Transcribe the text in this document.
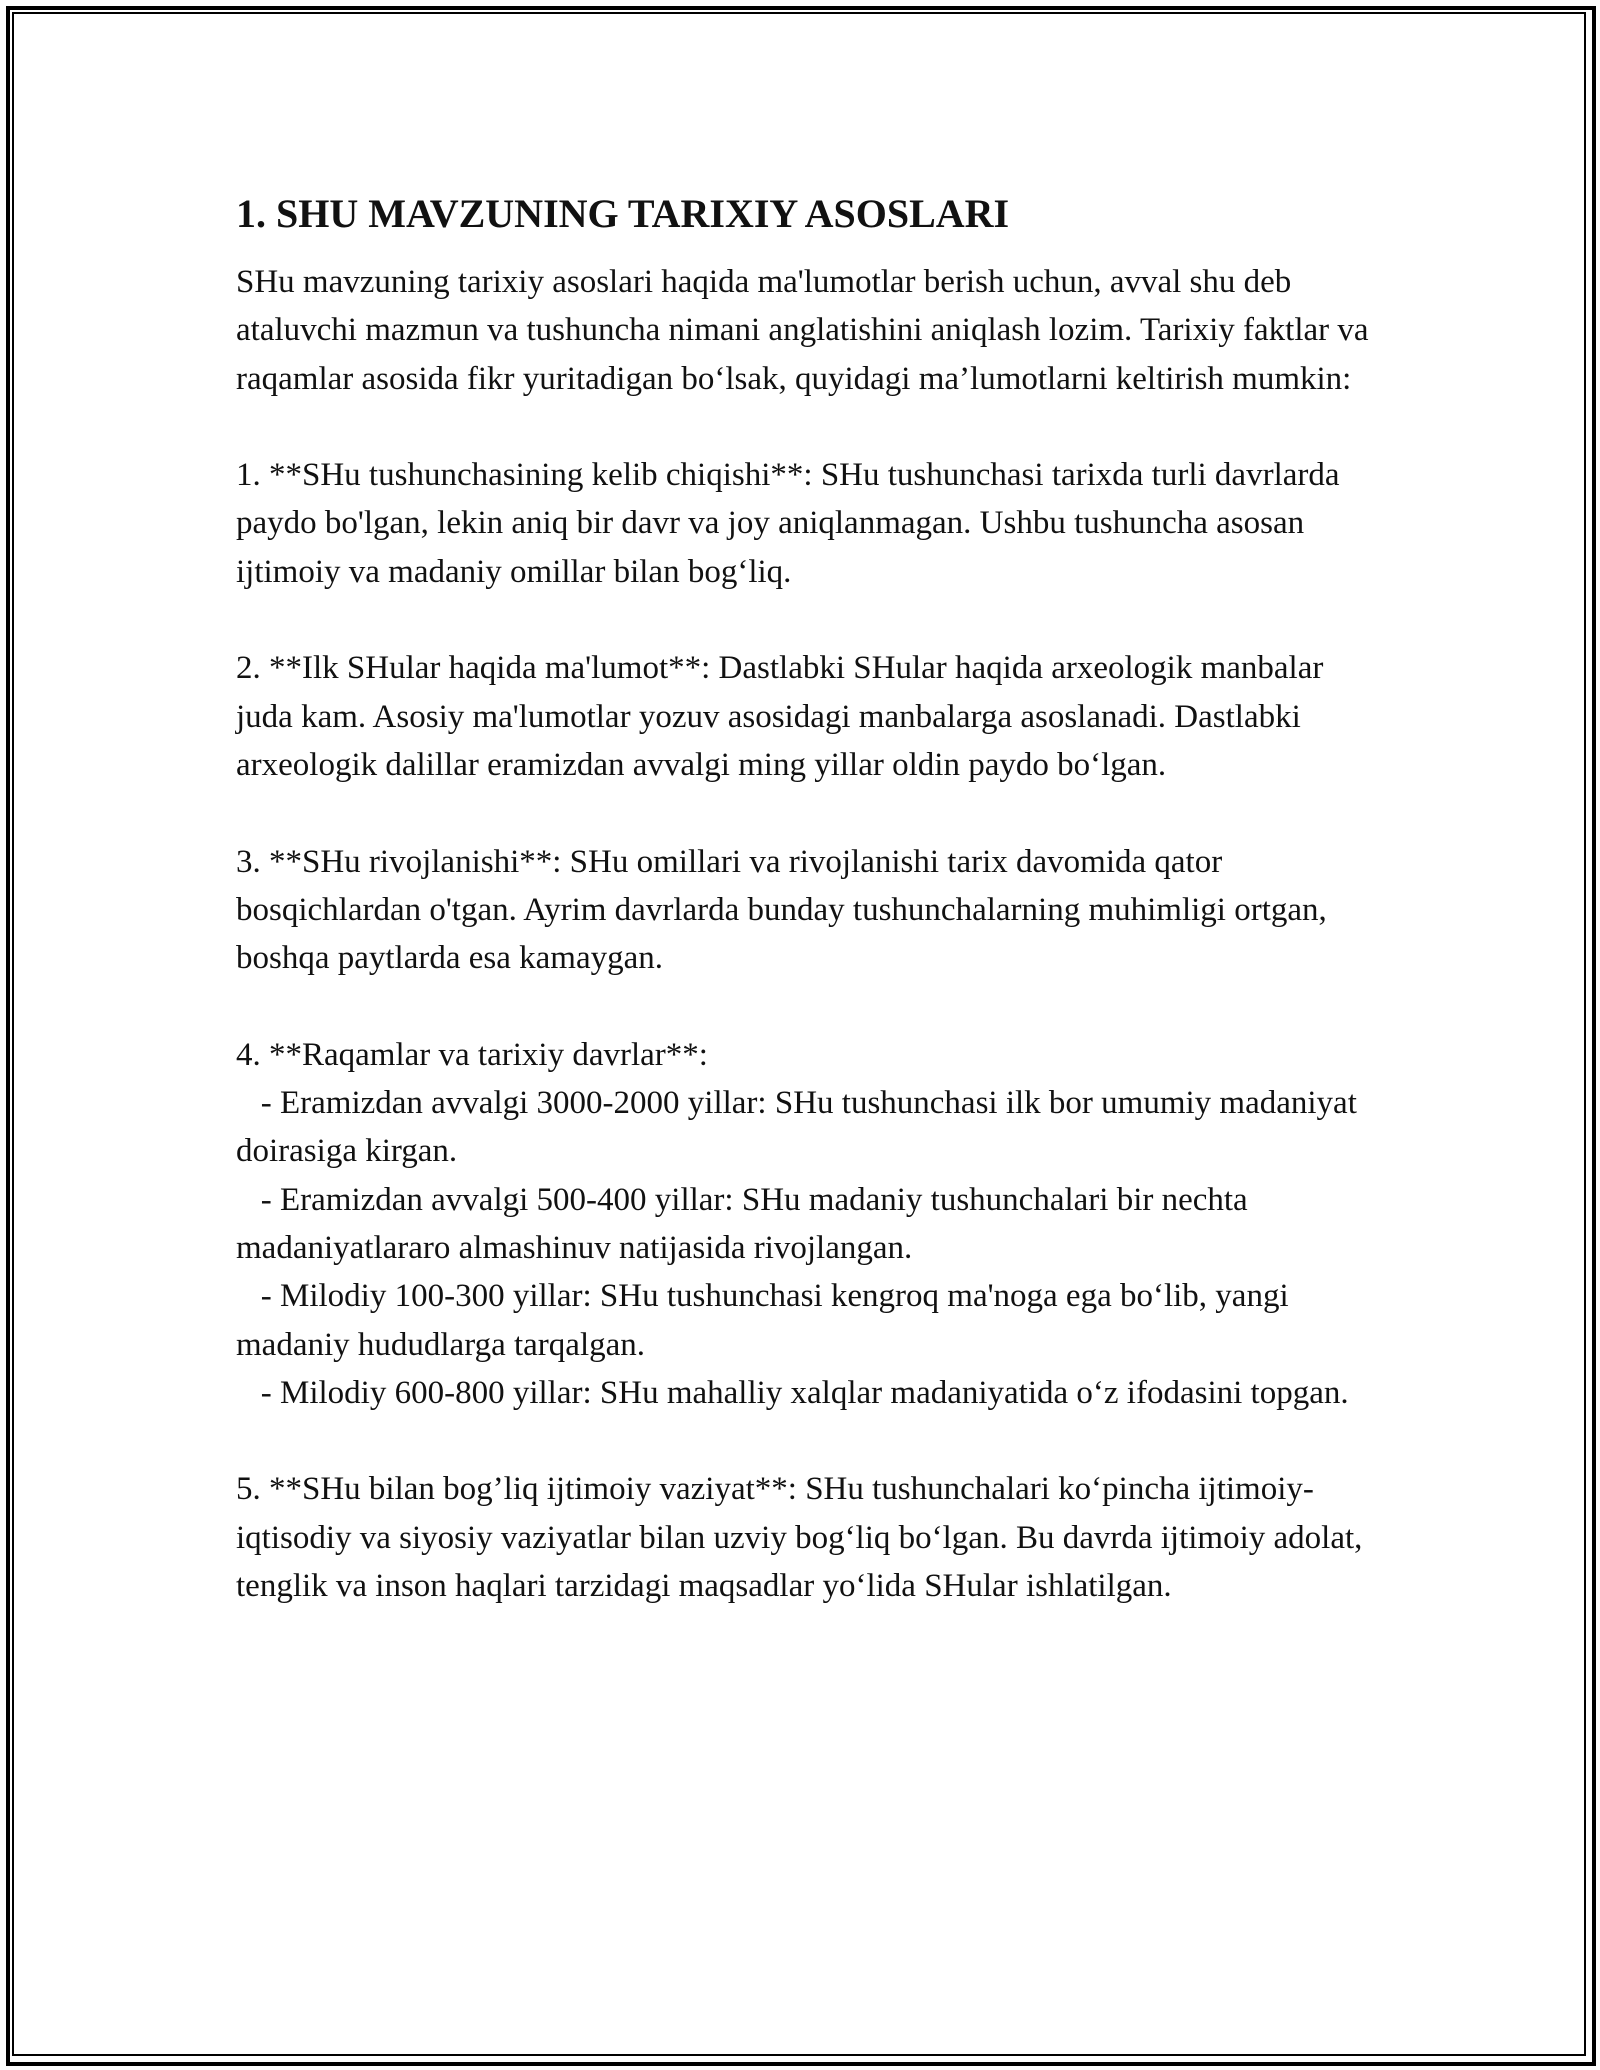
1. SHU MAVZUNING TARIXIY ASOSLARI

SHu mavzuning tarixiy asoslari haqida ma'lumotlar berish uchun, avval shu deb ataluvchi mazmun va tushuncha nimani anglatishini aniqlash lozim. Tarixiy faktlar va raqamlar asosida fikr yuritadigan bo‘lsak, quyidagi ma’lumotlarni keltirish mumkin:

1. **SHu tushunchasining kelib chiqishi**: SHu tushunchasi tarixda turli davrlarda paydo bo'lgan, lekin aniq bir davr va joy aniqlanmagan. Ushbu tushuncha asosan ijtimoiy va madaniy omillar bilan bog‘liq.

2. **Ilk SHular haqida ma'lumot**: Dastlabki SHular haqida arxeologik manbalar juda kam. Asosiy ma'lumotlar yozuv asosidagi manbalarga asoslanadi. Dastlabki arxeologik dalillar eramizdan avvalgi ming yillar oldin paydo bo‘lgan.

3. **SHu rivojlanishi**: SHu omillari va rivojlanishi tarix davomida qator bosqichlardan o'tgan. Ayrim davrlarda bunday tushunchalarning muhimligi ortgan, boshqa paytlarda esa kamaygan.

4. **Raqamlar va tarixiy davrlar**:

- Eramizdan avvalgi 3000-2000 yillar: SHu tushunchasi ilk bor umumiy madaniyat doirasiga kirgan.

- Eramizdan avvalgi 500-400 yillar: SHu madaniy tushunchalari bir nechta madaniyatlararo almashinuv natijasida rivojlangan.

- Milodiy 100-300 yillar: SHu tushunchasi kengroq ma'noga ega bo‘lib, yangi madaniy hududlarga tarqalgan.

- Milodiy 600-800 yillar: SHu mahalliy xalqlar madaniyatida o‘z ifodasini topgan.

5. **SHu bilan bog’liq ijtimoiy vaziyat**: SHu tushunchalari ko‘pincha ijtimoiy-iqtisodiy va siyosiy vaziyatlar bilan uzviy bog‘liq bo‘lgan. Bu davrda ijtimoiy adolat, tenglik va inson haqlari tarzidagi maqsadlar yo‘lida SHular ishlatilgan.
